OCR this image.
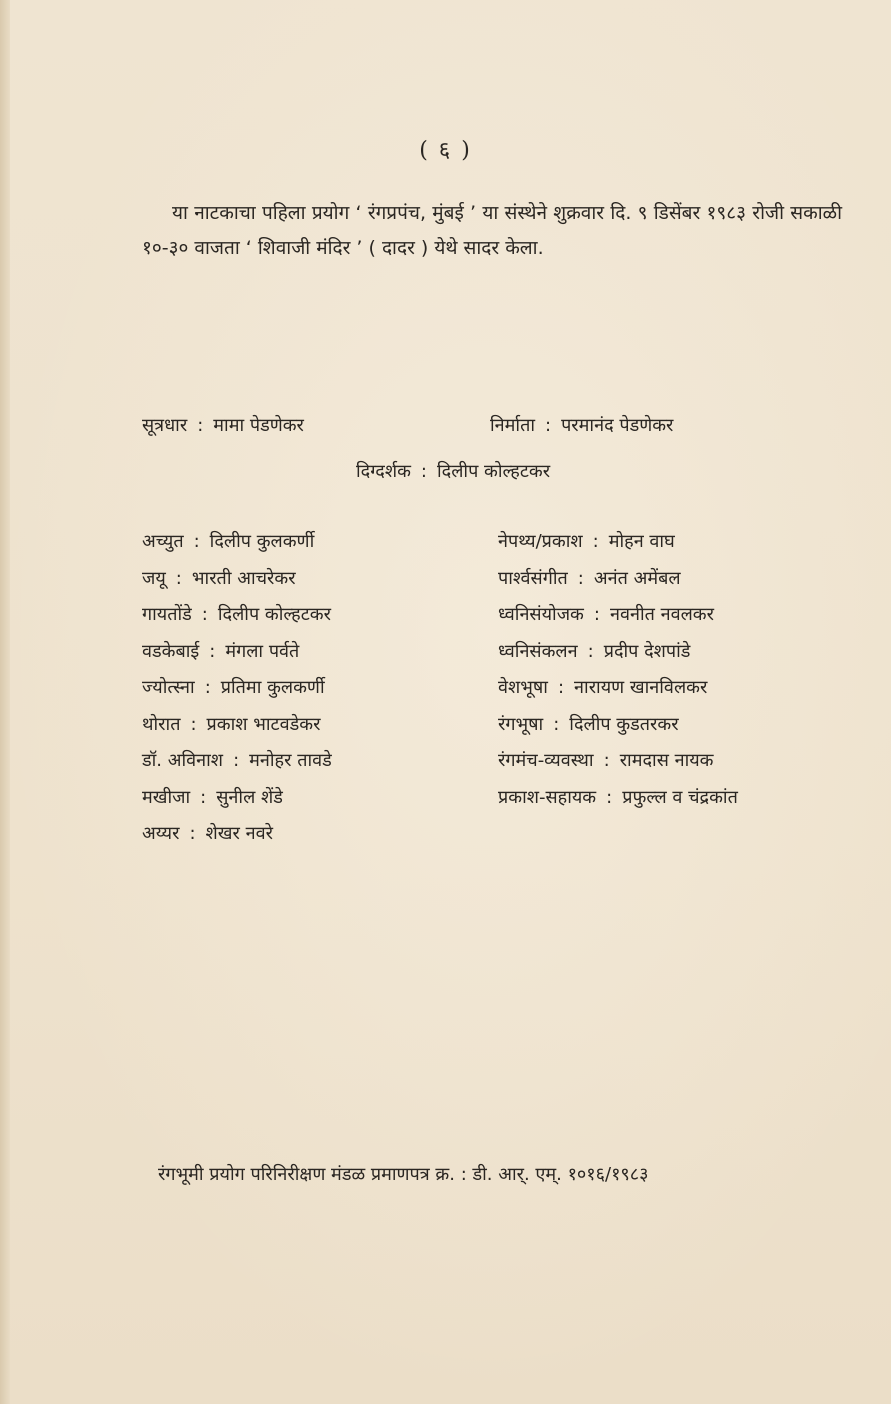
( ६ )

या नाटकाचा पहिला प्रयोग ‘ रंगप्रपंच, मुंबई ’ या संस्थेने शुक्रवार दि. ९ डिसेंबर १९८३ रोजी सकाळी १०-३० वाजता ‘ शिवाजी मंदिर ’ ( दादर ) येथे सादर केला.

सूत्रधार : मामा पेडणेकर	निर्माता : परमानंद पेडणेकर
दिग्दर्शक : दिलीप कोल्हटकर
अच्युत : दिलीप कुलकर्णी
जयू : भारती आचरेकर
गायतोंडे : दिलीप कोल्हटकर
वडकेबाई : मंगला पर्वते
ज्योत्स्ना : प्रतिमा कुलकर्णी
थोरात : प्रकाश भाटवडेकर
डॉ. अविनाश : मनोहर तावडे
मखीजा : सुनील शेंडे
अय्यर : शेखर नवरे
नेपथ्य/प्रकाश : मोहन वाघ
पार्श्वसंगीत : अनंत अमेंबल
ध्वनिसंयोजक : नवनीत नवलकर
ध्वनिसंकलन : प्रदीप देशपांडे
वेशभूषा : नारायण खानविलकर
रंगभूषा : दिलीप कुडतरकर
रंगमंच-व्यवस्था : रामदास नायक
प्रकाश-सहायक : प्रफुल्ल व चंद्रकांत
रंगभूमी प्रयोग परिनिरीक्षण मंडळ प्रमाणपत्र क्र. : डी. आर्. एम्. १०१६/१९८३
